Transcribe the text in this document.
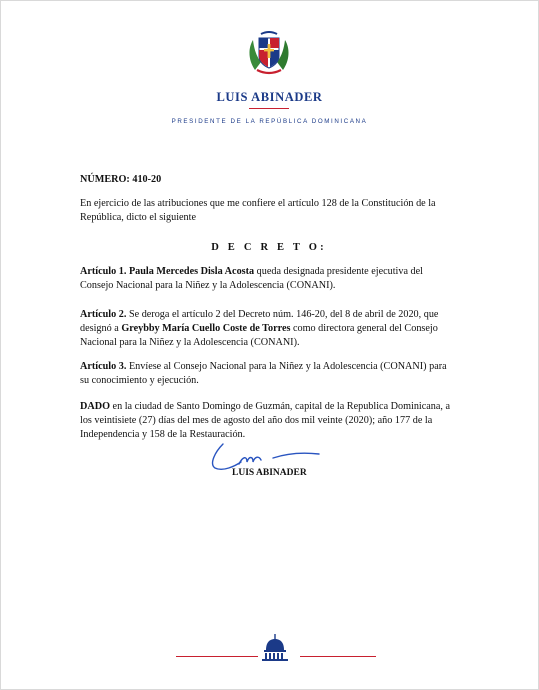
LUIS ABINADER
PRESIDENTE DE LA REPÚBLICA DOMINICANA

NÚMERO: 410-20

En ejercicio de las atribuciones que me confiere el artículo 128 de la Constitución de la República, dicto el siguiente

D E C R E T O:

Artículo 1. Paula Mercedes Disla Acosta queda designada presidente ejecutiva del Consejo Nacional para la Niñez y la Adolescencia (CONANI).

Artículo 2. Se deroga el artículo 2 del Decreto núm. 146-20, del 8 de abril de 2020, que designó a Greybby María Cuello Coste de Torres como directora general del Consejo Nacional para la Niñez y la Adolescencia (CONANI).

Artículo 3. Envíese al Consejo Nacional para la Niñez y la Adolescencia (CONANI) para su conocimiento y ejecución.

DADO en la ciudad de Santo Domingo de Guzmán, capital de la Republica Dominicana, a los veintisiete (27) días del mes de agosto del año dos mil veinte (2020); año 177 de la Independencia y 158 de la Restauración.

LUIS ABINADER
